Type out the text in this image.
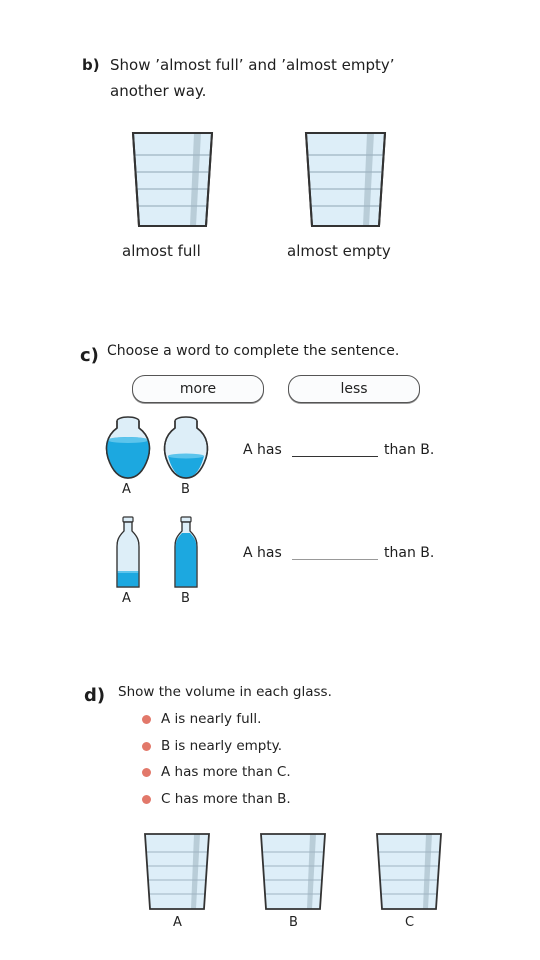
b) Show ’almost full’ and ’almost empty’
another way.
almost full	almost empty
c) Choose a word to complete the sentence.
more	less
A	B
A has	than B.
A	B
A has	than B.
d) Show the volume in each glass.
A is nearly full.
B is nearly empty.
A has more than C.
C has more than B.
A	B	C
